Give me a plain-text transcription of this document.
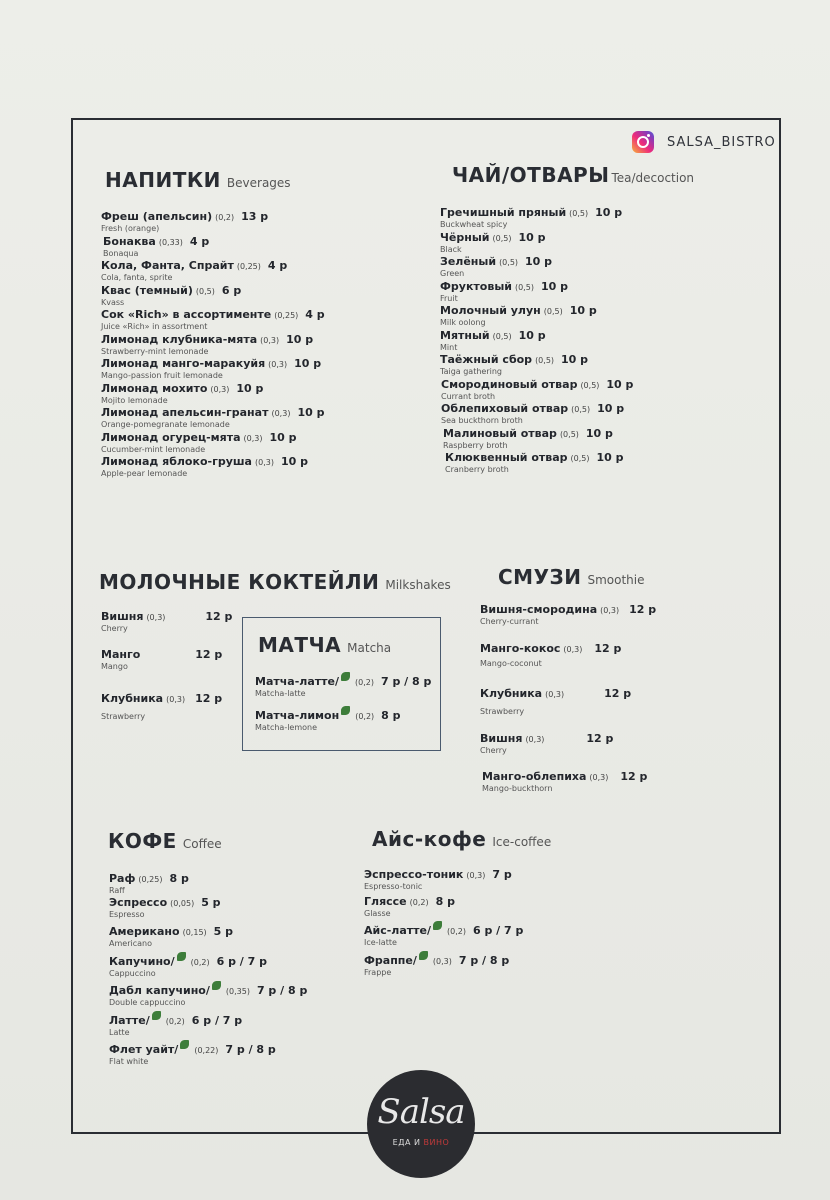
SALSA_BISTRO
НАПИТКИ Beverages	ЧАЙ/ОТВАРЫ Tea/decoction
МОЛОЧНЫЕ КОКТЕЙЛИ Milkshakes СМУЗИ Smoothie
КОФЕ Coffee	Айс-кофе Ice-coffee
МАТЧА Matcha
Фреш (апельсин) (0,2) 13 р
Fresh (orange)
Бонаква (0,33) 4 р
Bonaqua
Кола, Фанта, Спрайт (0,25) 4 р
Cola, fanta, sprite
Квас (темный) (0,5) 6 р
Kvass
Сок «Rich» в ассортименте (0,25) 4 р
Juice «Rich» in assortment
Лимонад клубника-мята (0,3) 10 р
Strawberry-mint lemonade
Лимонад манго-маракуйя (0,3) 10 р
Mango-passion fruit lemonade
Лимонад мохито (0,3) 10 р
Mojito lemonade
Лимонад апельсин-гранат (0,3) 10 р
Orange-pomegranate lemonade
Лимонад огурец-мята (0,3) 10 р
Cucumber-mint lemonade
Лимонад яблоко-груша (0,3) 10 р
Apple-pear lemonade
Гречишный пряный (0,5) 10 р
Buckwheat spicy
Чёрный (0,5) 10 р
Black
Зелёный (0,5) 10 р
Green
Фруктовый (0,5) 10 р
Fruit
Молочный улун (0,5) 10 р
Milk oolong
Мятный (0,5) 10 р
Mint
Таёжный сбор (0,5) 10 р
Taiga gathering
Смородиновый отвар (0,5) 10 р
Currant broth
Облепиховый отвар (0,5) 10 р
Sea buckthorn broth
Малиновый отвар (0,5) 10 р
Raspberry broth
Клюквенный отвар (0,5) 10 р
Cranberry broth
Вишня (0,3)	12 р
Cherry
Манго	12 р
Mango
Клубника (0,3) 12 р
Strawberry
Вишня-смородина (0,3) 12 р
Cherry-currant
Манго-кокос (0,3) 12 р
Mango-coconut
Клубника (0,3)	12 р
Strawberry
Вишня (0,3)	12 р
Cherry
Манго-облепиха (0,3) 12 р
Mango-buckthorn
Матча-латте/ (0,2) 7 р / 8 р
Matcha-latte
Матча-лимон (0,2) 8 р
Matcha-lemone
Раф (0,25) 8 р
Raff
Эспрессо (0,05) 5 р
Espresso
Американо (0,15) 5 р
Americano
Капучино/ (0,2) 6 р / 7 р
Cappuccino
Дабл капучино/ (0,35) 7 р / 8 р
Double cappuccino
Латте/ (0,2) 6 р / 7 р
Latte
Флет уайт/ (0,22) 7 р / 8 р
Flat white
Эспрессо-тоник (0,3) 7 р
Espresso-tonic
Гляссе (0,2) 8 р
Glasse
Айс-латте/ (0,2) 6 р / 7 р
Ice-latte
Фраппе/ (0,3) 7 р / 8 р
Frappe
Salsa
ЕДА И ВИНО
